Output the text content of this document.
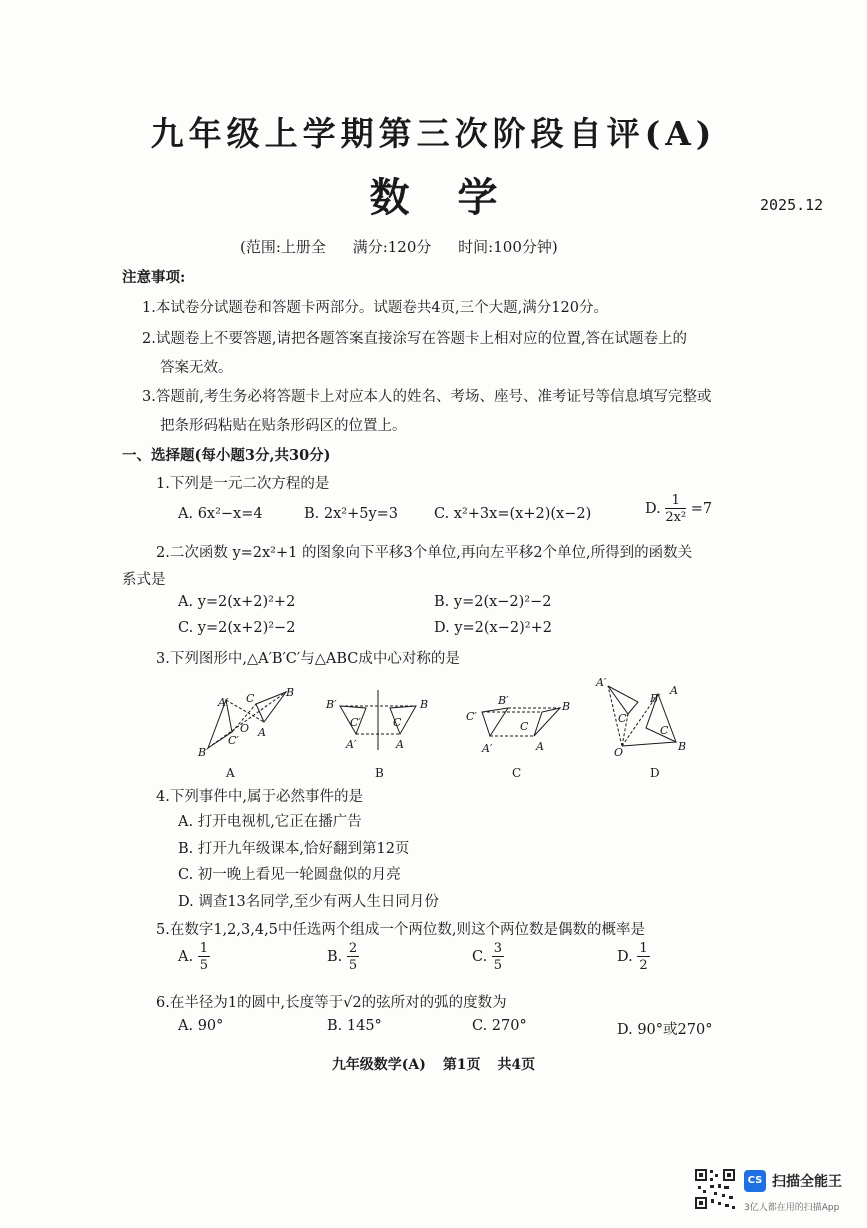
九年级上学期第三次阶段自评(A)
数学	2025.12
(范围:上册全 满分:120分 时间:100分钟)
注意事项:
1.本试卷分试题卷和答题卡两部分。试题卷共4页,三个大题,满分120分。
2.试题卷上不要答题,请把各题答案直接涂写在答题卡上相对应的位置,答在试题卷上的
答案无效。
3.答题前,考生务必将答题卡上对应本人的姓名、考场、座号、准考证号等信息填写完整或
把条形码粘贴在贴条形码区的位置上。
一、选择题(每小题3分,共30分)
1.下列是一元二次方程的是
A. 6x²−x=4	B. 2x²+5y=3 C. x²+3x=(x+2)(x−2)	D. $\frac{1}{\text{2x²}} =7$
2.二次函数 y=2x²+1 的图象向下平移3个单位,再向左平移2个单位,所得到的函数关
系式是
A. y=2(x+2)²+2	B. y=2(x−2)²−2
C. y=2(x+2)²−2	D. y=2(x−2)²+2
3.下列图形中,△A′B′C′与△ABC成中心对称的是
A′ C	B
O
C′
A
B′
B′	B
C′	C
A′	A
C′
B′	B
C
A′	A
A′
B′
A
C′
C
O	B
A	B	C	D
4.下列事件中,属于必然事件的是
A. 打开电视机,它正在播广告
B. 打开九年级课本,恰好翻到第12页
C. 初一晚上看见一轮圆盘似的月亮
D. 调查13名同学,至少有两人生日同月份
5.在数字1,2,3,4,5中任选两个组成一个两位数,则这个两位数是偶数的概率是
A. $\frac{1}{5}$	B. $\frac{2}{5}$	C. $\frac{3}{5}$	D. $\frac{1}{2}$
6.在半径为1的圆中,长度等于√2的弦所对的弧的度数为
A. 90°	B. 145°	C. 270°	D. 90°或270°
九年级数学(A) 第1页 共4页
CS 扫描全能王
3亿人都在用的扫描App
